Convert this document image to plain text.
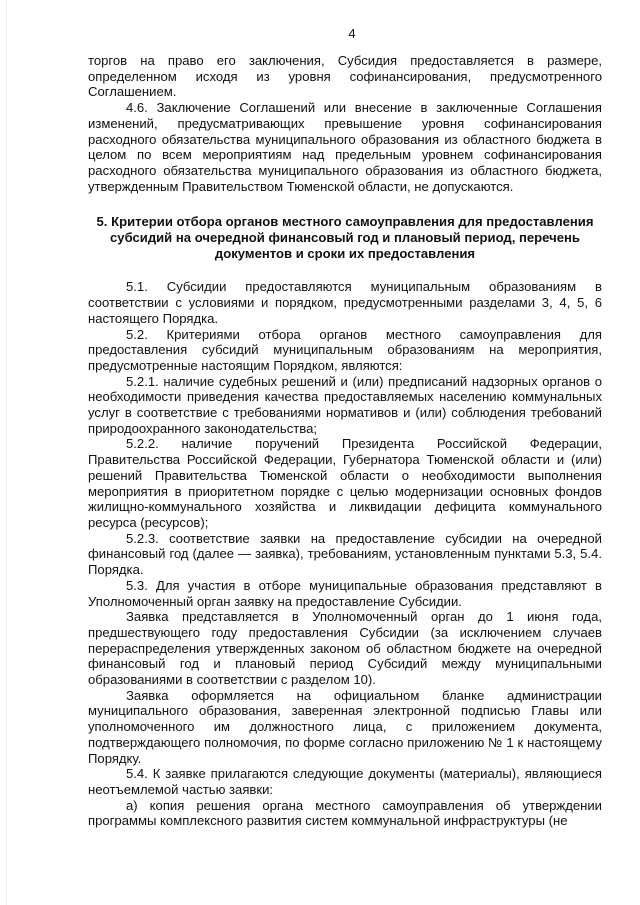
4

торгов на право его заключения, Субсидия предоставляется в размере, определенном исходя из уровня софинансирования, предусмотренного Соглашением.

4.6. Заключение Соглашений или внесение в заключенные Соглашения изменений, предусматривающих превышение уровня софинансирования расходного обязательства муниципального образования из областного бюджета в целом по всем мероприятиям над предельным уровнем софинансирования расходного обязательства муниципального образования из областного бюджета, утвержденным Правительством Тюменской области, не допускаются.

5. Критерии отбора органов местного самоуправления для предоставления субсидий на очередной финансовый год и плановый период, перечень документов и сроки их предоставления

5.1. Субсидии предоставляются муниципальным образованиям в соответствии с условиями и порядком, предусмотренными разделами 3, 4, 5, 6 настоящего Порядка.

5.2. Критериями отбора органов местного самоуправления для предоставления субсидий муниципальным образованиям на мероприятия, предусмотренные настоящим Порядком, являются:

5.2.1. наличие судебных решений и (или) предписаний надзорных органов о необходимости приведения качества предоставляемых населению коммунальных услуг в соответствие с требованиями нормативов и (или) соблюдения требований природоохранного законодательства;

5.2.2. наличие поручений Президента Российской Федерации, Правительства Российской Федерации, Губернатора Тюменской области и (или) решений Правительства Тюменской области о необходимости выполнения мероприятия в приоритетном порядке с целью модернизации основных фондов жилищно-коммунального хозяйства и ликвидации дефицита коммунального ресурса (ресурсов);

5.2.3. соответствие заявки на предоставление субсидии на очередной финансовый год (далее — заявка), требованиям, установленным пунктами 5.3, 5.4. Порядка.

5.3. Для участия в отборе муниципальные образования представляют в Уполномоченный орган заявку на предоставление Субсидии.

Заявка представляется в Уполномоченный орган до 1 июня года, предшествующего году предоставления Субсидии (за исключением случаев перераспределения утвержденных законом об областном бюджете на очередной финансовый год и плановый период Субсидий между муниципальными образованиями в соответствии с разделом 10).

Заявка оформляется на официальном бланке администрации муниципального образования, заверенная электронной подписью Главы или уполномоченного им должностного лица, с приложением документа, подтверждающего полномочия, по форме согласно приложению № 1 к настоящему Порядку.

5.4. К заявке прилагаются следующие документы (материалы), являющиеся неотъемлемой частью заявки:

а) копия решения органа местного самоуправления об утверждении программы комплексного развития систем коммунальной инфраструктуры (не
